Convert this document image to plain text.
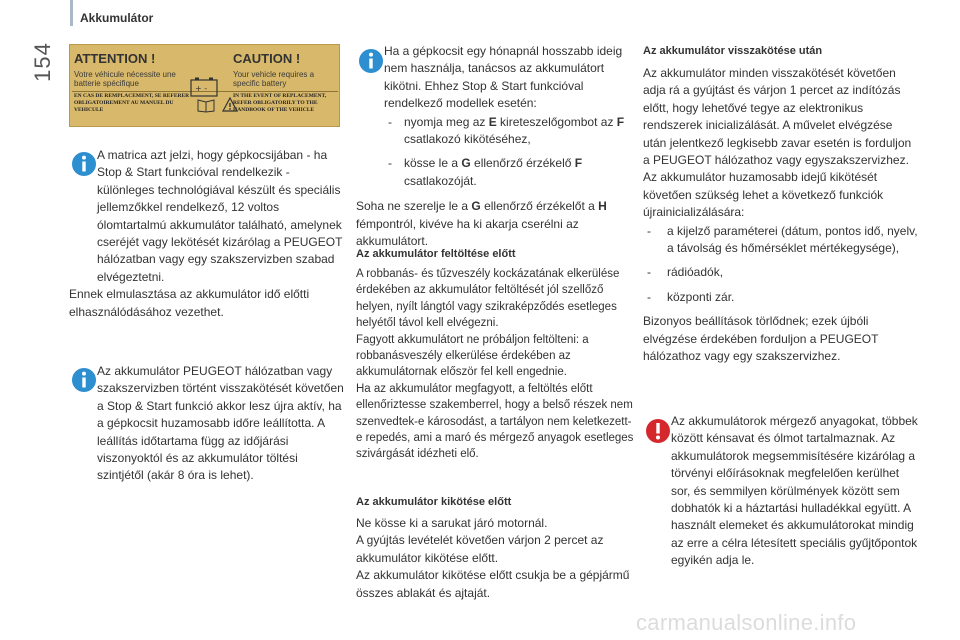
154
Akkumulátor
ATTENTION !
Votre véhicule nécessite une batterie spécifique
EN CAS DE REMPLACEMENT, SE REFERER OBLIGATOIREMENT AU MANUEL DU VEHICULE
CAUTION !
Your vehicle requires a specific battery
IN THE EVENT OF REPLACEMENT, REFER OBLIGATORILY TO THE HANDBOOK OF THE VEHICLE
+ -

A matrica azt jelzi, hogy gépkocsijában - ha Stop & Start funkcióval rendelkezik - különleges technológiával készült és speciális jellemzőkkel rendelkező, 12 voltos ólomtartalmú akkumulátor található, amelynek cseréjét vagy lekötését kizárólag a PEUGEOT hálózatban vagy egy szakszervizben szabad elvégeztetni.

Ennek elmulasztása az akkumulátor idő előtti elhasználódásához vezethet.

Az akkumulátor PEUGEOT hálózatban vagy szakszervizben történt visszakötését követően a Stop & Start funkció akkor lesz újra aktív, ha a gépkocsit huzamosabb időre leállította. A leállítás időtartama függ az időjárási viszonyoktól és az akkumulátor töltési szintjétől (akár 8 óra is lehet).

Ha a gépkocsit egy hónapnál hosszabb ideig nem használja, tanácsos az akkumulátort kikötni. Ehhez Stop & Start funkcióval rendelkező modellek esetén:

-	nyomja meg az E kireteszelőgombot az F csatlakozó kikötéséhez,
-	kösse le a G ellenőrző érzékelő F csatlakozóját.

Soha ne szerelje le a G ellenőrző érzékelőt a H fémpontról, kivéve ha ki akarja cserélni az akkumulátort.

Az akkumulátor feltöltése előtt

A robbanás- és tűzveszély kockázatának elkerülése érdekében az akkumulátor feltöltését jól szellőző helyen, nyílt lángtól vagy szikraképződés esetleges helyétől távol kell elvégezni.

Fagyott akkumulátort ne próbáljon feltölteni: a robbanásveszély elkerülése érdekében az akkumulátornak először fel kell engednie.

Ha az akkumulátor megfagyott, a feltöltés előtt ellenőriztesse szakemberrel, hogy a belső részek nem szenvedtek-e károsodást, a tartályon nem keletkezett-e repedés, ami a maró és mérgező anyagok esetleges szivárgását idézheti elő.

Az akkumulátor kikötése előtt

Ne kösse ki a sarukat járó motornál.

A gyújtás levételét követően várjon 2 percet az akkumulátor kikötése előtt.

Az akkumulátor kikötése előtt csukja be a gépjármű összes ablakát és ajtaját.

Az akkumulátor visszakötése után

Az akkumulátor minden visszakötését követően adja rá a gyújtást és várjon 1 percet az indítózás előtt, hogy lehetővé tegye az elektronikus rendszerek inicializálását. A művelet elvégzése után jelentkező legkisebb zavar esetén is forduljon a PEUGEOT hálózathoz vagy egyszakszervizhez.

Az akkumulátor huzamosabb idejű kikötését követően szükség lehet a következő funkciók újrainicializálására:

- a kijelző paraméterei (dátum, pontos idő, nyelv, a távolság és hőmérséklet mértékegysége),
- rádióadók,
- központi zár.

Bizonyos beállítások törlődnek; ezek újbóli elvégzése érdekében forduljon a PEUGEOT hálózathoz vagy egy szakszervizhez.

Az akkumulátorok mérgező anyagokat, többek között kénsavat és ólmot tartalmaznak. Az akkumulátorok megsemmisítésére kizárólag a törvényi előírásoknak megfelelően kerülhet sor, és semmilyen körülmények között sem dobhatók ki a háztartási hulladékkal együtt. A használt elemeket és akkumulátorokat mindig az erre a célra létesített speciális gyűjtőpontok egyikén adja le.

carmanualsonline.info
